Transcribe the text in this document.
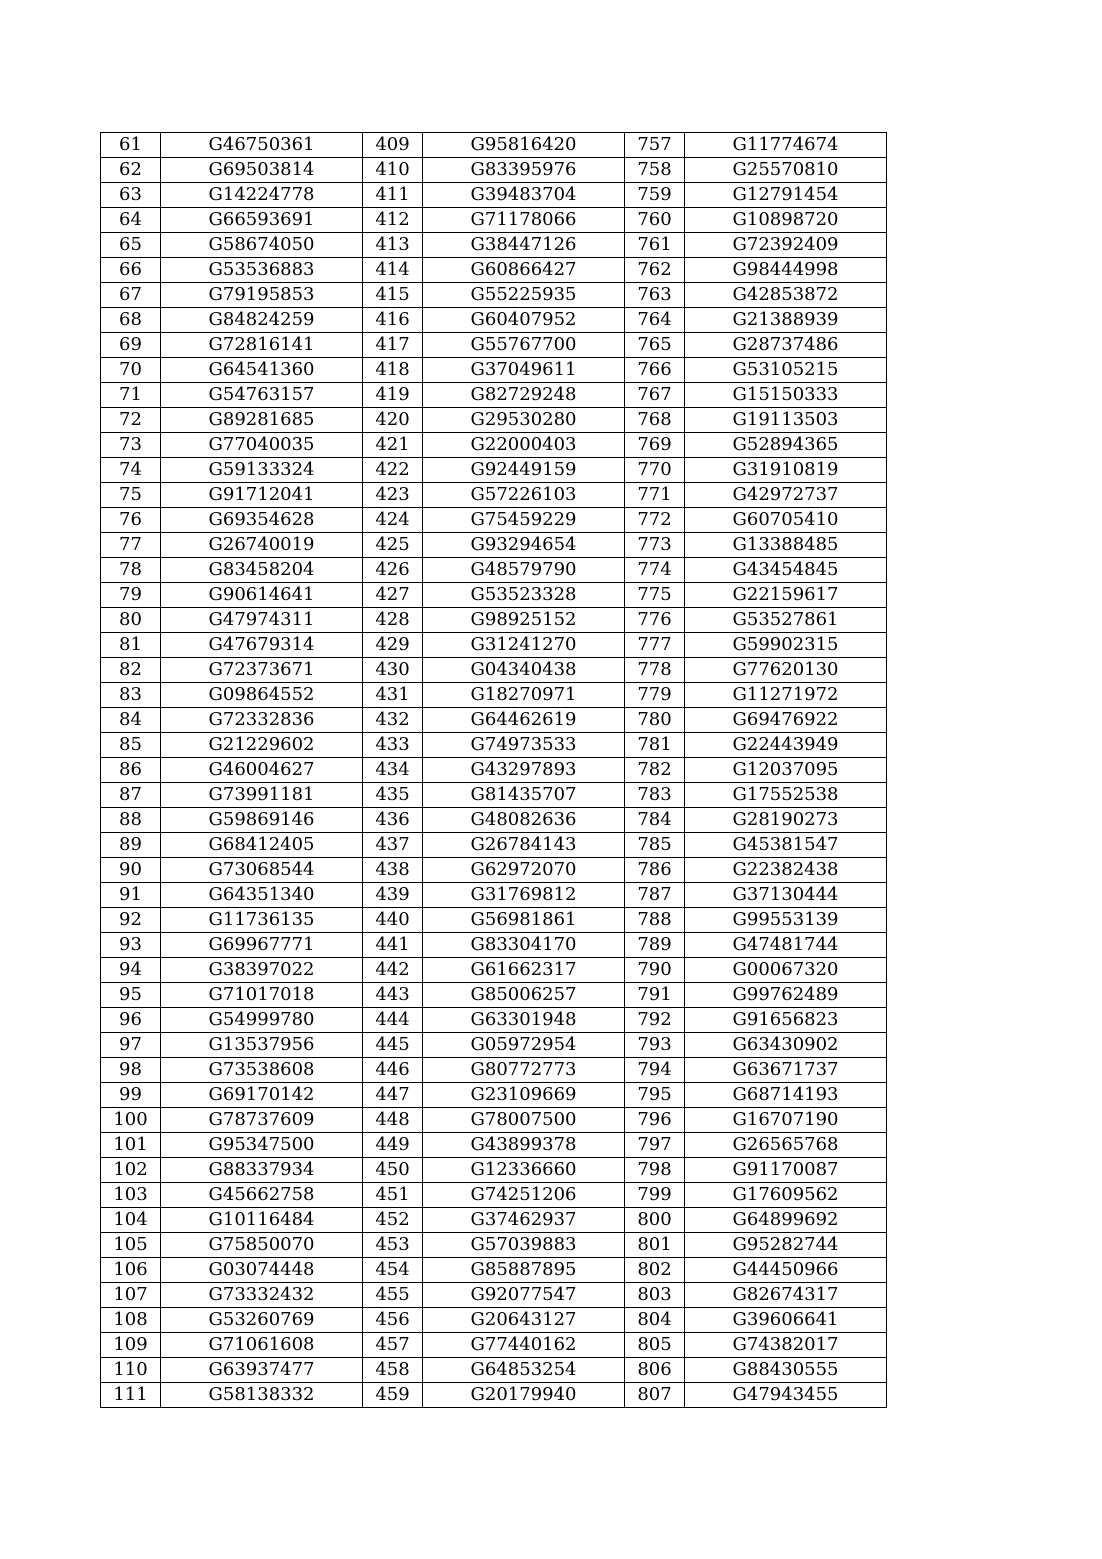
61	G46750361	409	G95816420	757	G11774674
62	G69503814	410	G83395976	758	G25570810
63	G14224778	411	G39483704	759	G12791454
64	G66593691	412	G71178066	760	G10898720
65	G58674050	413	G38447126	761	G72392409
66	G53536883	414	G60866427	762	G98444998
67	G79195853	415	G55225935	763	G42853872
68	G84824259	416	G60407952	764	G21388939
69	G72816141	417	G55767700	765	G28737486
70	G64541360	418	G37049611	766	G53105215
71	G54763157	419	G82729248	767	G15150333
72	G89281685	420	G29530280	768	G19113503
73	G77040035	421	G22000403	769	G52894365
74	G59133324	422	G92449159	770	G31910819
75	G91712041	423	G57226103	771	G42972737
76	G69354628	424	G75459229	772	G60705410
77	G26740019	425	G93294654	773	G13388485
78	G83458204	426	G48579790	774	G43454845
79	G90614641	427	G53523328	775	G22159617
80	G47974311	428	G98925152	776	G53527861
81	G47679314	429	G31241270	777	G59902315
82	G72373671	430	G04340438	778	G77620130
83	G09864552	431	G18270971	779	G11271972
84	G72332836	432	G64462619	780	G69476922
85	G21229602	433	G74973533	781	G22443949
86	G46004627	434	G43297893	782	G12037095
87	G73991181	435	G81435707	783	G17552538
88	G59869146	436	G48082636	784	G28190273
89	G68412405	437	G26784143	785	G45381547
90	G73068544	438	G62972070	786	G22382438
91	G64351340	439	G31769812	787	G37130444
92	G11736135	440	G56981861	788	G99553139
93	G69967771	441	G83304170	789	G47481744
94	G38397022	442	G61662317	790	G00067320
95	G71017018	443	G85006257	791	G99762489
96	G54999780	444	G63301948	792	G91656823
97	G13537956	445	G05972954	793	G63430902
98	G73538608	446	G80772773	794	G63671737
99	G69170142	447	G23109669	795	G68714193
100	G78737609	448	G78007500	796	G16707190
101	G95347500	449	G43899378	797	G26565768
102	G88337934	450	G12336660	798	G91170087
103	G45662758	451	G74251206	799	G17609562
104	G10116484	452	G37462937	800	G64899692
105	G75850070	453	G57039883	801	G95282744
106	G03074448	454	G85887895	802	G44450966
107	G73332432	455	G92077547	803	G82674317
108	G53260769	456	G20643127	804	G39606641
109	G71061608	457	G77440162	805	G74382017
110	G63937477	458	G64853254	806	G88430555
111	G58138332	459	G20179940	807	G47943455
